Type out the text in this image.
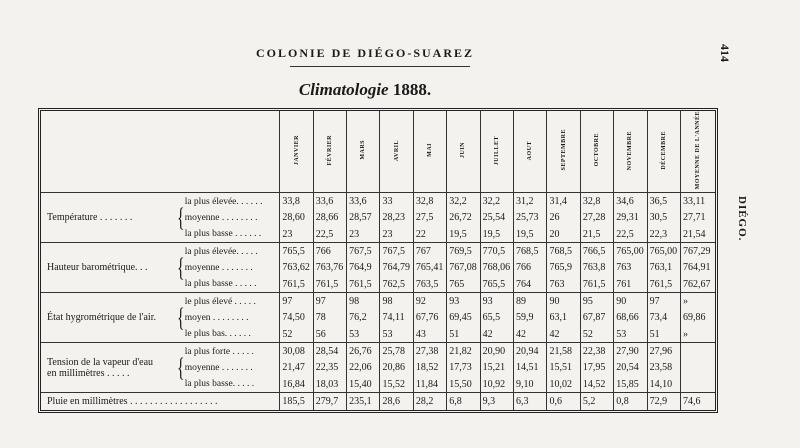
414
DIÉGO.
COLONIE DE DIÉGO-SUAREZ
Climatologie 1888.
			JANVIER	FÉVRIER	MARS	AVRIL	MAI	JUIN	JUILLET	AOUT	SEPTEMBRE	OCTOBRE	NOVEMBRE	DÉCEMBRE	MOYENNE DE L'ANNÉE
Température . . . . . . .	{	la plus élevée. . . . . .	33,8	33,6	33,6	33	32,8	32,2	32,2	31,2	31,4	32,8	34,6	36,5	33,11
		moyenne . . . . . . . .	28,60	28,66	28,57	28,23	27,5	26,72	25,54	25,73	26	27,28	29,31	30,5	27,71
		la plus basse . . . . . .	23	22,5	23	23	22	19,5	19,5	19,5	20	21,5	22,5	22,3	21,54
Hauteur barométrique. . .	{	la plus élevée. . . . .	765,5	766	767,5	767,5	767	769,5	770,5	768,5	768,5	766,5	765,00	765,00	767,29
		moyenne . . . . . . .	763,62	763,76	764,9	764,79	765,41	767,08	768,06	766	765,9	763,8	763	763,1	764,91
		la plus basse . . . . .	761,5	761,5	761,5	762,5	763,5	765	765,5	764	763	761,5	761	761,5	762,67
État hygrométrique de l'air.	{	le plus élevé . . . . .	97	97	98	98	92	93	93	89	90	95	90	97	»
		moyen . . . . . . . .	74,50	78	76,2	74,11	67,76	69,45	65,5	59,9	63,1	67,87	68,66	73,4	69,86
		le plus bas. . . . . .	52	56	53	53	43	51	42	42	42	52	53	51	»

Tension de la vapeur d'eau
en millimètres . . . . .	{	la plus forte . . . . .	30,08	28,54	26,76	25,78	27,38	21,82	20,90	20,94	21,58	22,38	27,90	27,96	
		moyenne . . . . . . .	21,47	22,35	22,06	20,86	18,52	17,73	15,21	14,51	15,51	17,95	20,54	23,58	
		la plus basse. . . . .	16,84	18,03	15,40	15,52	11,84	15,50	10,92	9,10	10,02	14,52	15,85	14,10	
Pluie en millimètres . . . . . . . . . . . . . . . . . .			185,5	279,7	235,1	28,6	28,2	6,8	9,3	6,3	0,6	5,2	0,8	72,9	74,6
